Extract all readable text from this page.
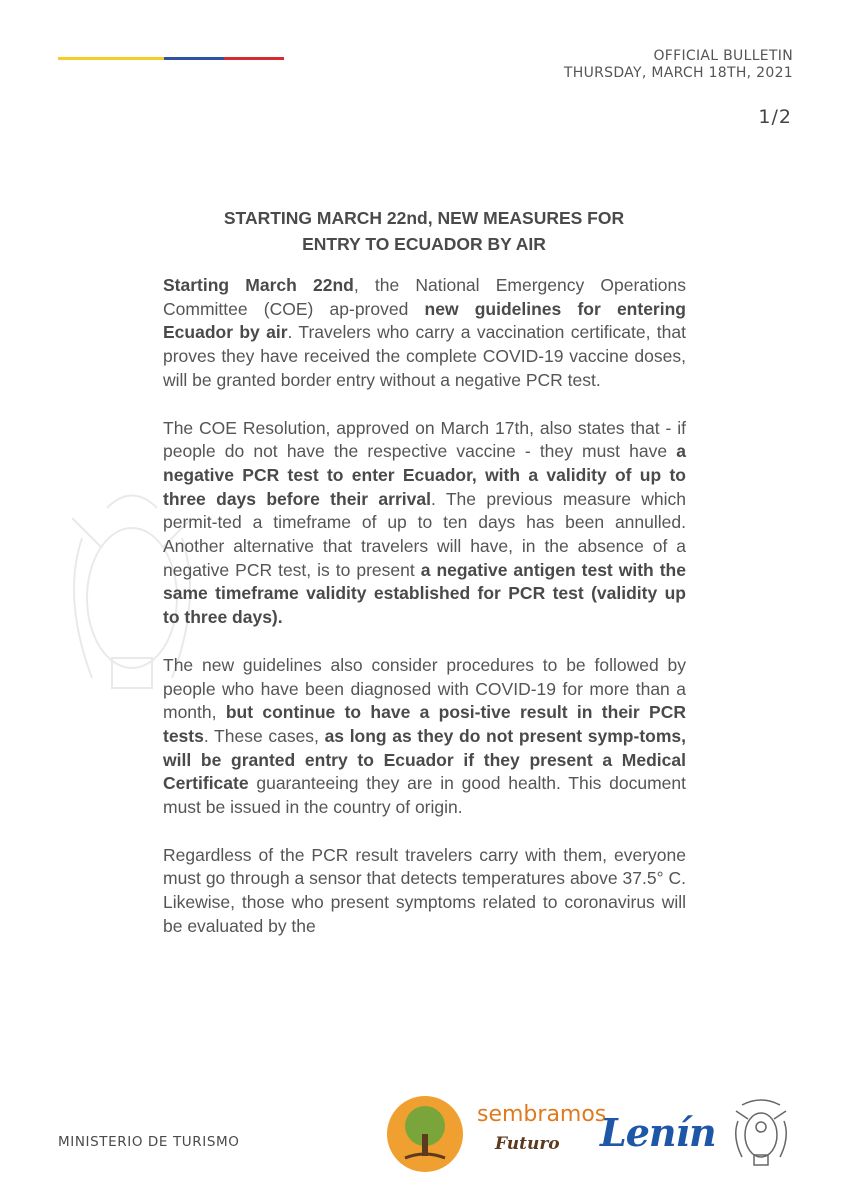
OFFICIAL BULLETIN
THURSDAY, MARCH 18TH, 2021
1/2
STARTING MARCH 22nd, NEW MEASURES FOR
ENTRY TO ECUADOR BY AIR

Starting March 22nd, the National Emergency Operations Committee (COE) ap-proved new guidelines for entering Ecuador by air. Travelers who carry a vaccination certificate, that proves they have received the complete COVID-19 vaccine doses, will be granted border entry without a negative PCR test.

The COE Resolution, approved on March 17th, also states that - if people do not have the respective vaccine - they must have a negative PCR test to enter Ecuador, with a validity of up to three days before their arrival. The previous measure which permit-ted a timeframe of up to ten days has been annulled. Another alternative that travelers will have, in the absence of a negative PCR test, is to present a negative antigen test with the same timeframe validity established for PCR test (validity up to three days).

The new guidelines also consider procedures to be followed by people who have been diagnosed with COVID-19 for more than a month, but continue to have a posi-tive result in their PCR tests. These cases, as long as they do not present symp-toms, will be granted entry to Ecuador if they present a Medical Certificate guaranteeing they are in good health. This document must be issued in the country of origin.

Regardless of the PCR result travelers carry with them, everyone must go through a sensor that detects temperatures above 37.5° C. Likewise, those who present symptoms related to coronavirus will be evaluated by the

MINISTERIO DE TURISMO
sembramos
Futuro Lenín
